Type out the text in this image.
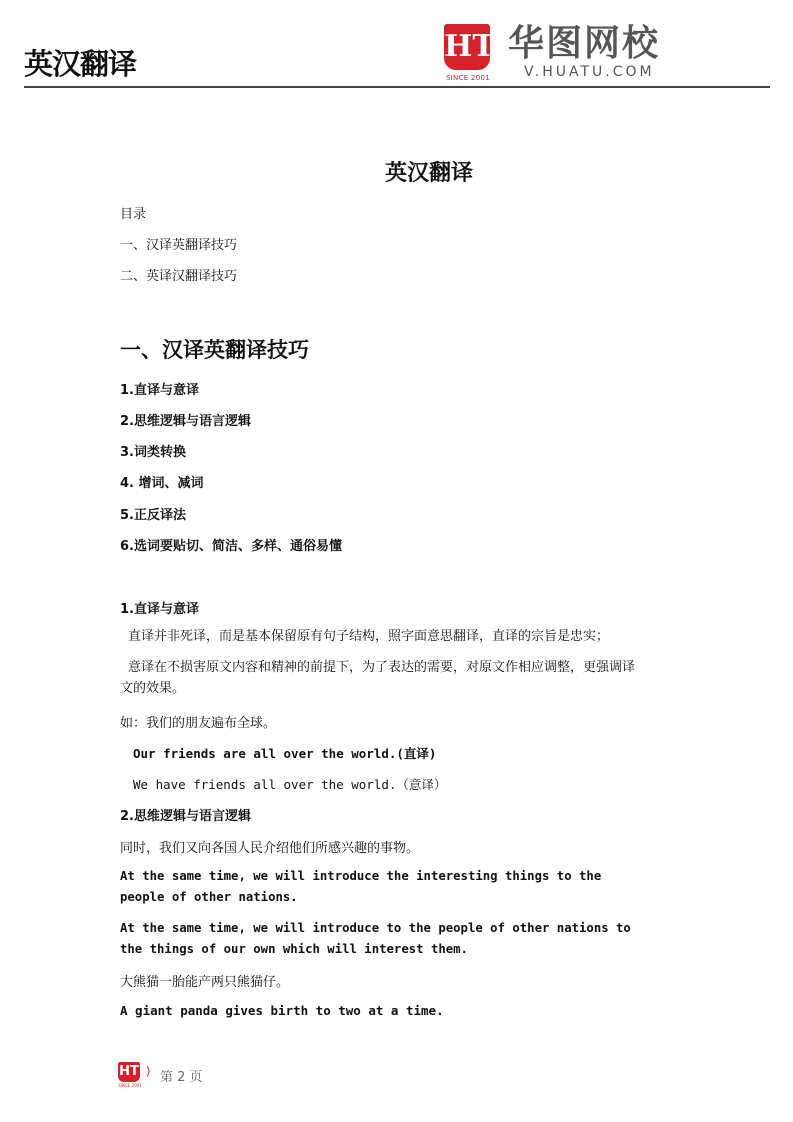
英汉翻译	HT
SINCE 2001
华图网校
V.HUATU.COM
英汉翻译
目录
一、汉译英翻译技巧
二、英译汉翻译技巧
一、汉译英翻译技巧
1.直译与意译
2.思维逻辑与语言逻辑
3.词类转换
4. 增词、减词
5.正反译法
6.选词要贴切、简洁、多样、通俗易懂
1.直译与意译
直译并非死译，而是基本保留原有句子结构，照字面意思翻译，直译的宗旨是忠实；
意译在不损害原文内容和精神的前提下，为了表达的需要，对原文作相应调整，更强调译文的效果。
如：我们的朋友遍布全球。
Our friends are all over the world.(直译)
We have friends all over the world.（意译）
2.思维逻辑与语言逻辑
同时，我们又向各国人民介绍他们所感兴趣的事物。
At the same time, we will introduce the interesting things to the people of other nations.
At the same time, we will introduce to the people of other nations to the things of our own which will interest them.
大熊猫一胎能产两只熊猫仔。
A giant panda gives birth to two at a time.
HT
SINCE 2001
⟩ 第 2 页
